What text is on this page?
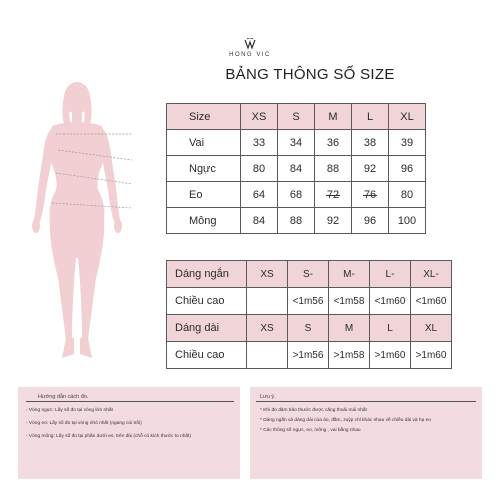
HONG VIC
BẢNG THÔNG SỐ SIZE
Size	XS	S	M	L	XL
Vai	33	34	36	38	39
Ngực	80	84	88	92	96
Eo	64	68	72	76	80
Mông	84	88	92	96	100
Dáng ngắn	XS	S-	M-	L-	XL-
Chiều cao		<1m56	<1m58	<1m60	<1m60
Dáng dài	XS	S	M	L	XL
Chiều cao		>1m56	>1m58	>1m60	>1m60
Hướng dẫn cách đo.
- Vòng ngực: Lấy số đo tại vòng lớn nhất
- Vòng eo: Lấy số đo tại vòng nhỏ nhất (ngang cúi trôi)
- Vòng mông: Lấy số đo tại phần dưới eo, trên đùi (chỗ có kích thước to nhất)
Lưu ý.
* Khi đo đảm bảo thước được căng thoải mái nhất
* Dáng ngắn và dáng dài của áo, đầm, zuýp chỉ khác nhau về chiều dài và hạ eo
* Các thông số ngực, eo, mông , vai bằng nhau
